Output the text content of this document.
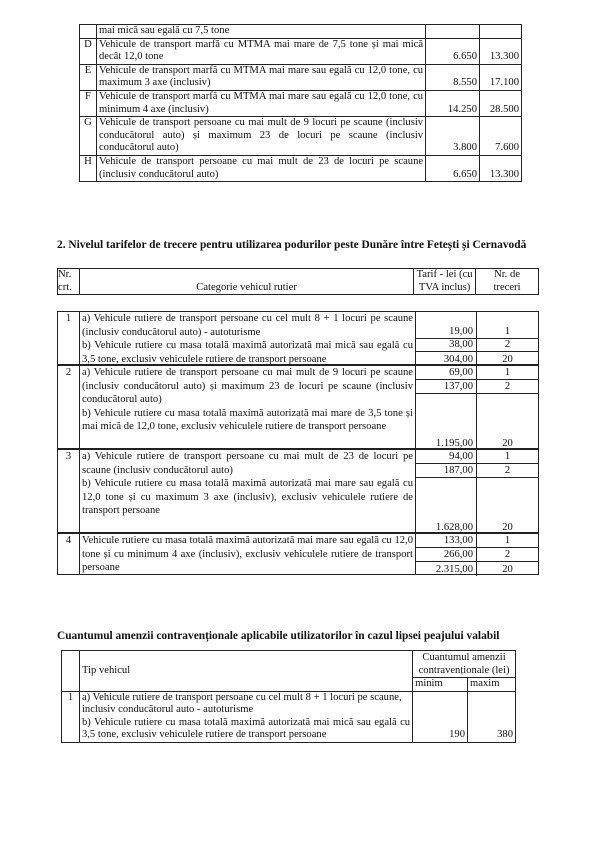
	mai mică sau egală cu 7,5 tone		
D	Vehicule de transport marfă cu MTMA mai mare de 7,5 tone și mai mică decât 12,0 tone	6.650	13.300
E	Vehicule de transport marfă cu MTMA mai mare sau egală cu 12,0 tone, cu maximum 3 axe (inclusiv)	8.550	17.100
F	Vehicule de transport marfă cu MTMA mai mare sau egală cu 12,0 tone, cu minimum 4 axe (inclusiv)	14.250	28.500
G	Vehicule de transport persoane cu mai mult de 9 locuri pe scaune (inclusiv conducătorul auto) și maximum 23 de locuri pe scaune (inclusiv conducătorul auto)	3.800	7.600
H	Vehicule de transport persoane cu mai mult de 23 de locuri pe scaune (inclusiv conducătorul auto)	6.650	13.300
2. Nivelul tarifelor de trecere pentru utilizarea podurilor peste Dunăre între Fetești și Cernavodă
Nr. crt.	Categorie vehicul rutier	Tarif - lei (cu TVA inclus)	Nr. de treceri
1	a) Vehicule rutiere de transport persoane cu cel mult 8 + 1 locuri pe scaune (inclusiv conducătorul auto) - autoturisme
b) Vehicule rutiere cu masa totală maximă autorizată mai mică sau egală cu 3,5 tone, exclusiv vehiculele rutiere de transport persoane
19,00	1
38,00	2
304,00	20
2	a) Vehicule rutiere de transport persoane cu mai mult de 9 locuri pe scaune (inclusiv conducătorul auto) și maximum 23 de locuri pe scaune (inclusiv conducătorul auto)
b) Vehicule rutiere cu masa totală maximă autorizată mai mare de 3,5 tone și mai mică de 12,0 tone, exclusiv vehiculele rutiere de transport persoane
69,00	1
137,00	2
1.195,00	20
3	a) Vehicule rutiere de transport persoane cu mai mult de 23 de locuri pe scaune (inclusiv conducătorul auto)
b) Vehicule rutiere cu masa totală maximă autorizată mai mare sau egală cu 12,0 tone și cu maximum 3 axe (inclusiv), exclusiv vehiculele rutiere de transport persoane
94,00	1
187,00	2
1.628,00	20
4	Vehicule rutiere cu masa totală maximă autorizată mai mare sau egală cu 12,0 tone și cu minimum 4 axe (inclusiv), exclusiv vehiculele rutiere de transport persoane
133,00	1
266,00	2
2.315,00	20
Cuantumul amenzii contravenționale aplicabile utilizatorilor în cazul lipsei peajului valabil
	Tip vehicul	Cuantumul amenzii contravenționale (lei)	
		minim	maxim
1	a) Vehicule rutiere de transport persoane cu cel mult 8 + 1 locuri pe scaune, inclusiv conducătorul auto - autoturisme
b) Vehicule rutiere cu masa totală maximă autorizată mai mică sau egală cu 3,5 tone, exclusiv vehiculele rutiere de transport persoane	190	380
